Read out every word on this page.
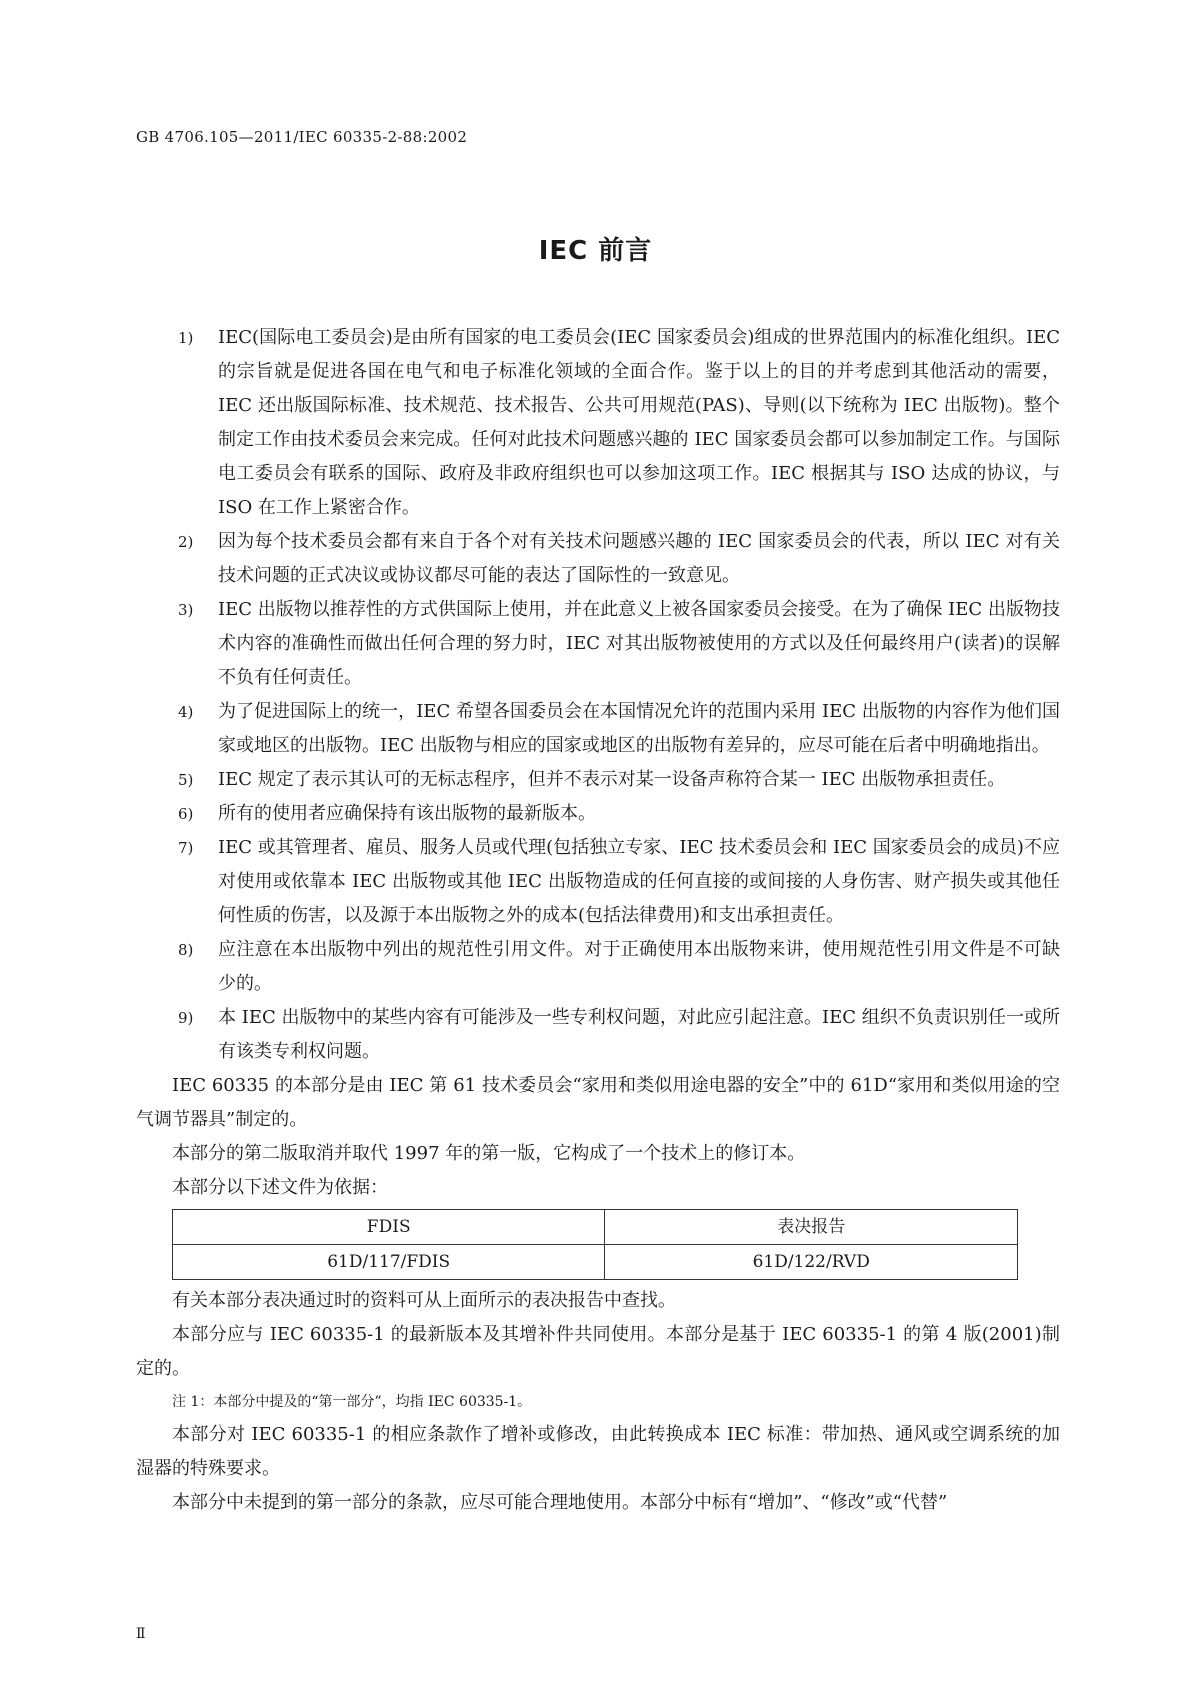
GB 4706.105—2011/IEC 60335-2-88:2002
IEC 前言
1) IEC(国际电工委员会)是由所有国家的电工委员会(IEC 国家委员会)组成的世界范围内的标准化组织。IEC 的宗旨就是促进各国在电气和电子标准化领域的全面合作。鉴于以上的目的并考虑到其他活动的需要，IEC 还出版国际标准、技术规范、技术报告、公共可用规范(PAS)、导则(以下统称为 IEC 出版物)。整个制定工作由技术委员会来完成。任何对此技术问题感兴趣的 IEC 国家委员会都可以参加制定工作。与国际电工委员会有联系的国际、政府及非政府组织也可以参加这项工作。IEC 根据其与 ISO 达成的协议，与 ISO 在工作上紧密合作。
2) 因为每个技术委员会都有来自于各个对有关技术问题感兴趣的 IEC 国家委员会的代表，所以 IEC 对有关技术问题的正式决议或协议都尽可能的表达了国际性的一致意见。
3) IEC 出版物以推荐性的方式供国际上使用，并在此意义上被各国家委员会接受。在为了确保 IEC 出版物技术内容的准确性而做出任何合理的努力时，IEC 对其出版物被使用的方式以及任何最终用户(读者)的误解不负有任何责任。
4) 为了促进国际上的统一，IEC 希望各国委员会在本国情况允许的范围内采用 IEC 出版物的内容作为他们国家或地区的出版物。IEC 出版物与相应的国家或地区的出版物有差异的，应尽可能在后者中明确地指出。
5) IEC 规定了表示其认可的无标志程序，但并不表示对某一设备声称符合某一 IEC 出版物承担责任。
6) 所有的使用者应确保持有该出版物的最新版本。
7) IEC 或其管理者、雇员、服务人员或代理(包括独立专家、IEC 技术委员会和 IEC 国家委员会的成员)不应对使用或依靠本 IEC 出版物或其他 IEC 出版物造成的任何直接的或间接的人身伤害、财产损失或其他任何性质的伤害，以及源于本出版物之外的成本(包括法律费用)和支出承担责任。
8) 应注意在本出版物中列出的规范性引用文件。对于正确使用本出版物来讲，使用规范性引用文件是不可缺少的。
9) 本 IEC 出版物中的某些内容有可能涉及一些专利权问题，对此应引起注意。IEC 组织不负责识别任一或所有该类专利权问题。
IEC 60335 的本部分是由 IEC 第 61 技术委员会“家用和类似用途电器的安全”中的 61D“家用和类似用途的空气调节器具”制定的。
本部分的第二版取消并取代 1997 年的第一版，它构成了一个技术上的修订本。
本部分以下述文件为依据：
FDIS	表决报告
61D/117/FDIS	61D/122/RVD
有关本部分表决通过时的资料可从上面所示的表决报告中查找。
本部分应与 IEC 60335-1 的最新版本及其增补件共同使用。本部分是基于 IEC 60335-1 的第 4 版(2001)制定的。
注 1：本部分中提及的“第一部分”，均指 IEC 60335-1。
本部分对 IEC 60335-1 的相应条款作了增补或修改，由此转换成本 IEC 标准：带加热、通风或空调系统的加湿器的特殊要求。
本部分中未提到的第一部分的条款，应尽可能合理地使用。本部分中标有“增加”、“修改”或“代替”
Ⅱ
